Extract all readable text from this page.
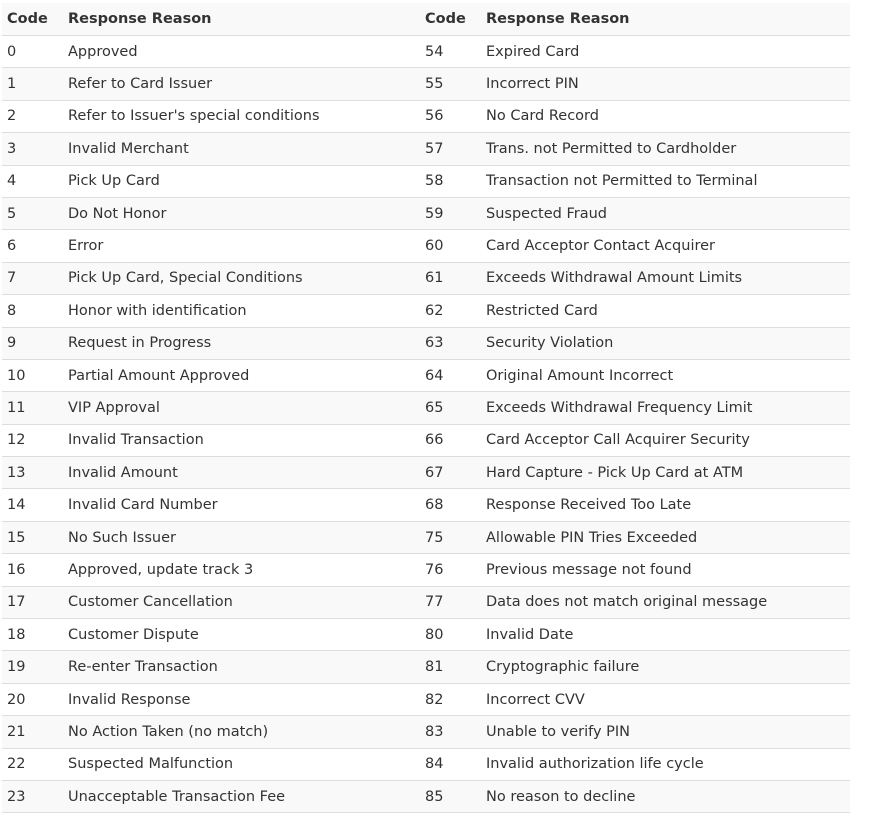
Code	Response Reason	Code	Response Reason
0	Approved	54	Expired Card
1	Refer to Card Issuer	55	Incorrect PIN
2	Refer to Issuer's special conditions	56	No Card Record
3	Invalid Merchant	57	Trans. not Permitted to Cardholder
4	Pick Up Card	58	Transaction not Permitted to Terminal
5	Do Not Honor	59	Suspected Fraud
6	Error	60	Card Acceptor Contact Acquirer
7	Pick Up Card, Special Conditions	61	Exceeds Withdrawal Amount Limits
8	Honor with identification	62	Restricted Card
9	Request in Progress	63	Security Violation
10	Partial Amount Approved	64	Original Amount Incorrect
11	VIP Approval	65	Exceeds Withdrawal Frequency Limit
12	Invalid Transaction	66	Card Acceptor Call Acquirer Security
13	Invalid Amount	67	Hard Capture - Pick Up Card at ATM
14	Invalid Card Number	68	Response Received Too Late
15	No Such Issuer	75	Allowable PIN Tries Exceeded
16	Approved, update track 3	76	Previous message not found
17	Customer Cancellation	77	Data does not match original message
18	Customer Dispute	80	Invalid Date
19	Re-enter Transaction	81	Cryptographic failure
20	Invalid Response	82	Incorrect CVV
21	No Action Taken (no match)	83	Unable to verify PIN
22	Suspected Malfunction	84	Invalid authorization life cycle
23	Unacceptable Transaction Fee	85	No reason to decline
